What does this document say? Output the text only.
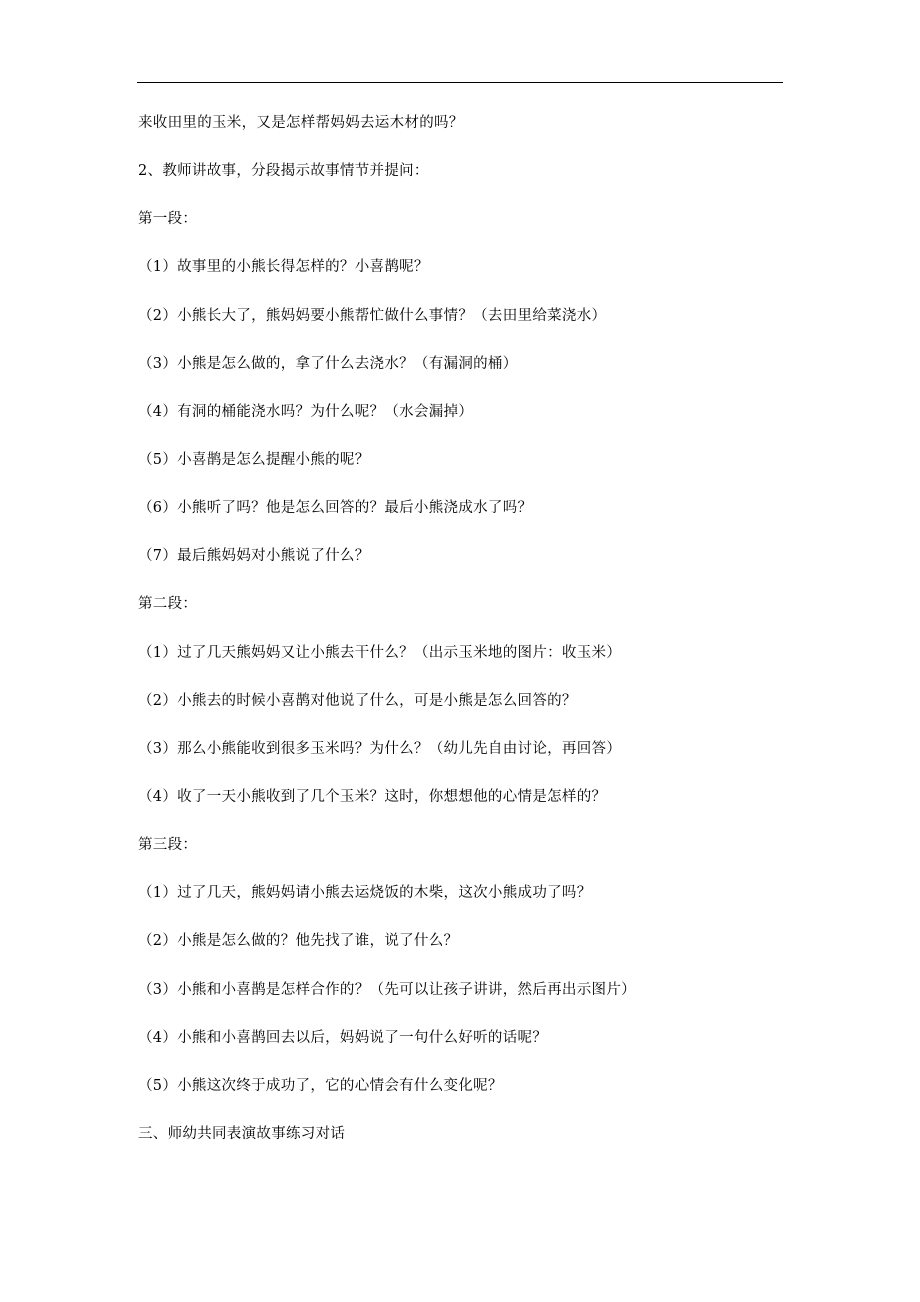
来收田里的玉米，又是怎样帮妈妈去运木材的吗？

2、教师讲故事，分段揭示故事情节并提问：

第一段：

（1）故事里的小熊长得怎样的？小喜鹊呢？

（2）小熊长大了，熊妈妈要小熊帮忙做什么事情？（去田里给菜浇水）

（3）小熊是怎么做的，拿了什么去浇水？（有漏洞的桶）

（4）有洞的桶能浇水吗？为什么呢？（水会漏掉）

（5）小喜鹊是怎么提醒小熊的呢？

（6）小熊听了吗？他是怎么回答的？最后小熊浇成水了吗？

（7）最后熊妈妈对小熊说了什么？

第二段：

（1）过了几天熊妈妈又让小熊去干什么？（出示玉米地的图片：收玉米）

（2）小熊去的时候小喜鹊对他说了什么，可是小熊是怎么回答的？

（3）那么小熊能收到很多玉米吗？为什么？（幼儿先自由讨论，再回答）

（4）收了一天小熊收到了几个玉米？这时，你想想他的心情是怎样的？

第三段：

（1）过了几天，熊妈妈请小熊去运烧饭的木柴，这次小熊成功了吗？

（2）小熊是怎么做的？他先找了谁，说了什么？

（3）小熊和小喜鹊是怎样合作的？（先可以让孩子讲讲，然后再出示图片）

（4）小熊和小喜鹊回去以后，妈妈说了一句什么好听的话呢？

（5）小熊这次终于成功了，它的心情会有什么变化呢？

三、师幼共同表演故事练习对话
